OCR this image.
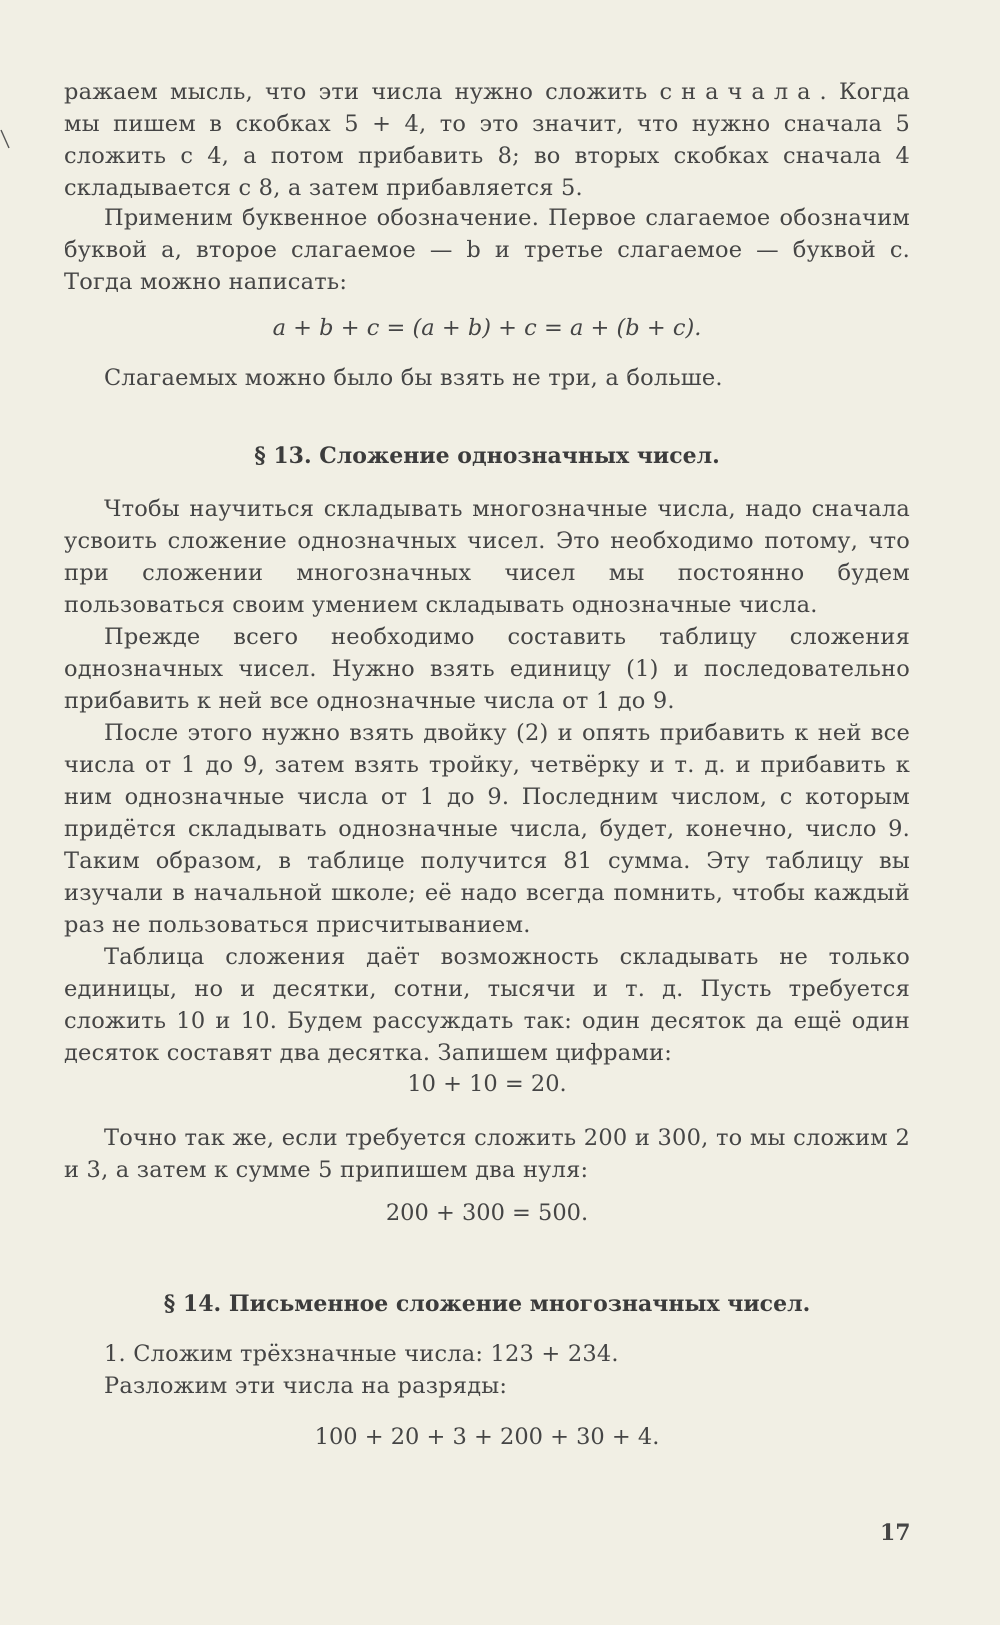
ражаем мысль, что эти числа нужно сложить сначала. Когда мы пишем в скобках 5 + 4, то это значит, что нужно сначала 5 сложить с 4, а потом прибавить 8; во вторых скобках сначала 4 складывается с 8, а затем прибавляется 5.

Применим буквенное обозначение. Первое слагаемое обозначим буквой a, второе слагаемое — b и третье слагаемое — буквой c. Тогда можно написать:

a + b + c = (a + b) + c = a + (b + c).

Слагаемых можно было бы взять не три, а больше.

§ 13. Сложение однозначных чисел.

Чтобы научиться складывать многозначные числа, надо сначала усвоить сложение однозначных чисел. Это необходимо потому, что при сложении многозначных чисел мы постоянно будем пользоваться своим умением складывать однозначные числа.

Прежде всего необходимо составить таблицу сложения однозначных чисел. Нужно взять единицу (1) и последовательно прибавить к ней все однозначные числа от 1 до 9.

После этого нужно взять двойку (2) и опять прибавить к ней все числа от 1 до 9, затем взять тройку, четвёрку и т. д. и прибавить к ним однозначные числа от 1 до 9. Последним числом, с которым придётся складывать однозначные числа, будет, конечно, число 9. Таким образом, в таблице получится 81 сумма. Эту таблицу вы изучали в начальной школе; её надо всегда помнить, чтобы каждый раз не пользоваться присчитыванием.

Таблица сложения даёт возможность складывать не только единицы, но и десятки, сотни, тысячи и т. д. Пусть требуется сложить 10 и 10. Будем рассуждать так: один десяток да ещё один десяток составят два десятка. Запишем цифрами:

10 + 10 = 20.

Точно так же, если требуется сложить 200 и 300, то мы сложим 2 и 3, а затем к сумме 5 припишем два нуля:

200 + 300 = 500.
§ 14. Письменное сложение многозначных чисел.

1. Сложим трёхзначные числа: 123 + 234.

Разложим эти числа на разряды:

100 + 20 + 3 + 200 + 30 + 4.
17
